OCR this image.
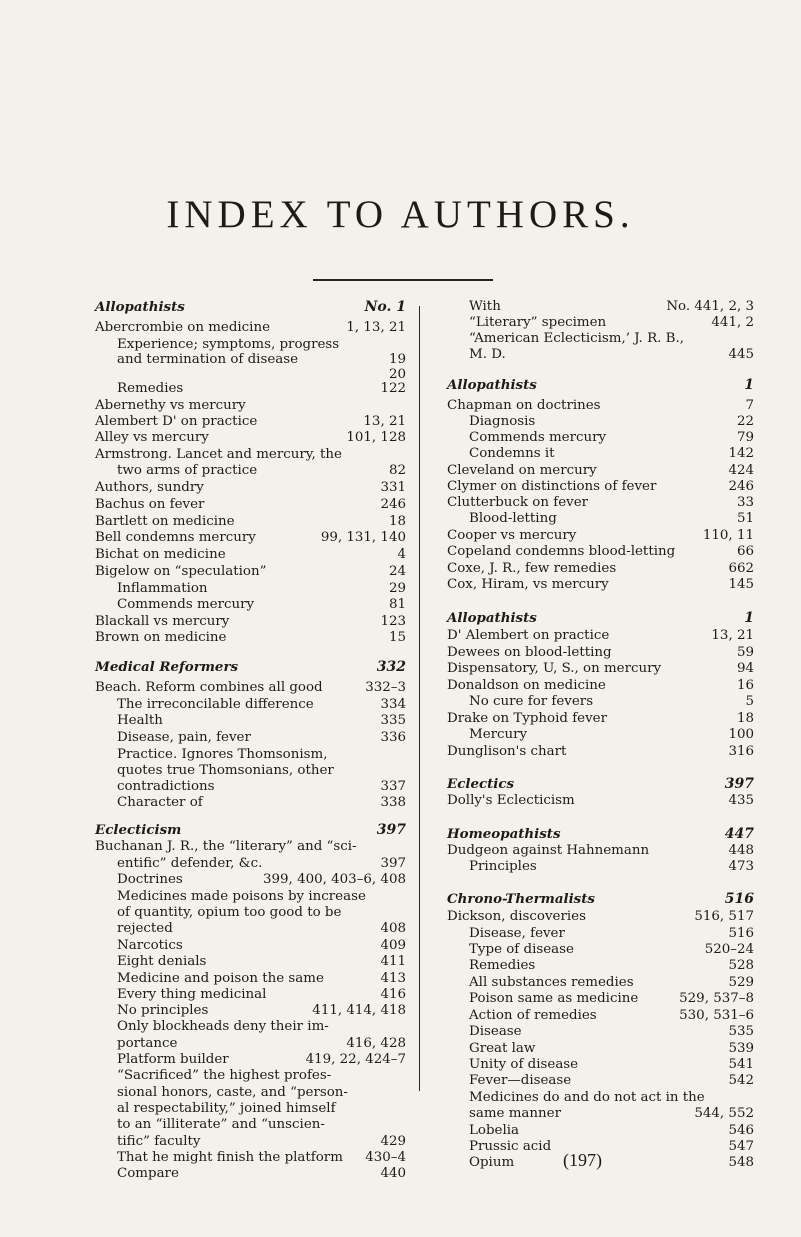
INDEX TO AUTHORS.
Allopathists	No. 1
Abercrombie on medicine	1, 13, 21
Experience; symptoms, progress
and termination of disease	19
20
Remedies	122
Abernethy vs mercury
Alembert D' on practice	13, 21
Alley vs mercury	101, 128
Armstrong. Lancet and mercury, the
two arms of practice	82
Authors, sundry	331
Bachus on fever	246
Bartlett on medicine	18
Bell condemns mercury	99, 131, 140
Bichat on medicine	4
Bigelow on “speculation”	24
Inflammation	29
Commends mercury	81
Blackall vs mercury	123
Brown on medicine	15
Medical Reformers	332
Beach. Reform combines all good	332–3
The irreconcilable difference	334
Health	335
Disease, pain, fever	336
Practice. Ignores Thomsonism,
quotes true Thomsonians, other
contradictions	337
Character of	338
Eclecticism	397
Buchanan J. R., the “literary” and “sci-
entific” defender, &c.	397
Doctrines	399, 400, 403–6, 408
Medicines made poisons by increase
of quantity, opium too good to be
rejected	408
Narcotics	409
Eight denials	411
Medicine and poison the same	413
Every thing medicinal	416
No principles	411, 414, 418
Only blockheads deny their im-
portance	416, 428
Platform builder	419, 22, 424–7
“Sacrificed” the highest profes-
sional honors, caste, and “person-
al respectability,” joined himself
to an “illiterate” and “unscien-
tific” faculty	429
That he might finish the platform 430–4
Compare	440
With	No. 441, 2, 3
“Literary” specimen	441, 2
“American Eclecticism,’ J. R. B.,
M. D.	445
Allopathists	1
Chapman on doctrines	7
Diagnosis	22
Commends mercury	79
Condemns it	142
Cleveland on mercury	424
Clymer on distinctions of fever	246
Clutterbuck on fever	33
Blood-letting	51
Cooper vs mercury	110, 11
Copeland condemns blood-letting	66
Coxe, J. R., few remedies	662
Cox, Hiram, vs mercury	145
Allopathists	1
D' Alembert on practice	13, 21
Dewees on blood-letting	59
Dispensatory, U, S., on mercury	94
Donaldson on medicine	16
No cure for fevers	5
Drake on Typhoid fever	18
Mercury	100
Dunglison's chart	316
Eclectics	397
Dolly's Eclecticism	435
Homeopathists	447
Dudgeon against Hahnemann	448
Principles	473
Chrono-Thermalists	516
Dickson, discoveries	516, 517
Disease, fever	516
Type of disease	520–24
Remedies	528
All substances remedies	529
Poison same as medicine	529, 537–8
Action of remedies	530, 531–6
Disease	535
Great law	539
Unity of disease	541
Fever—disease	542
Medicines do and do not act in the
same manner	544, 552
Lobelia	546
Prussic acid	547
Opium	548
(197)
